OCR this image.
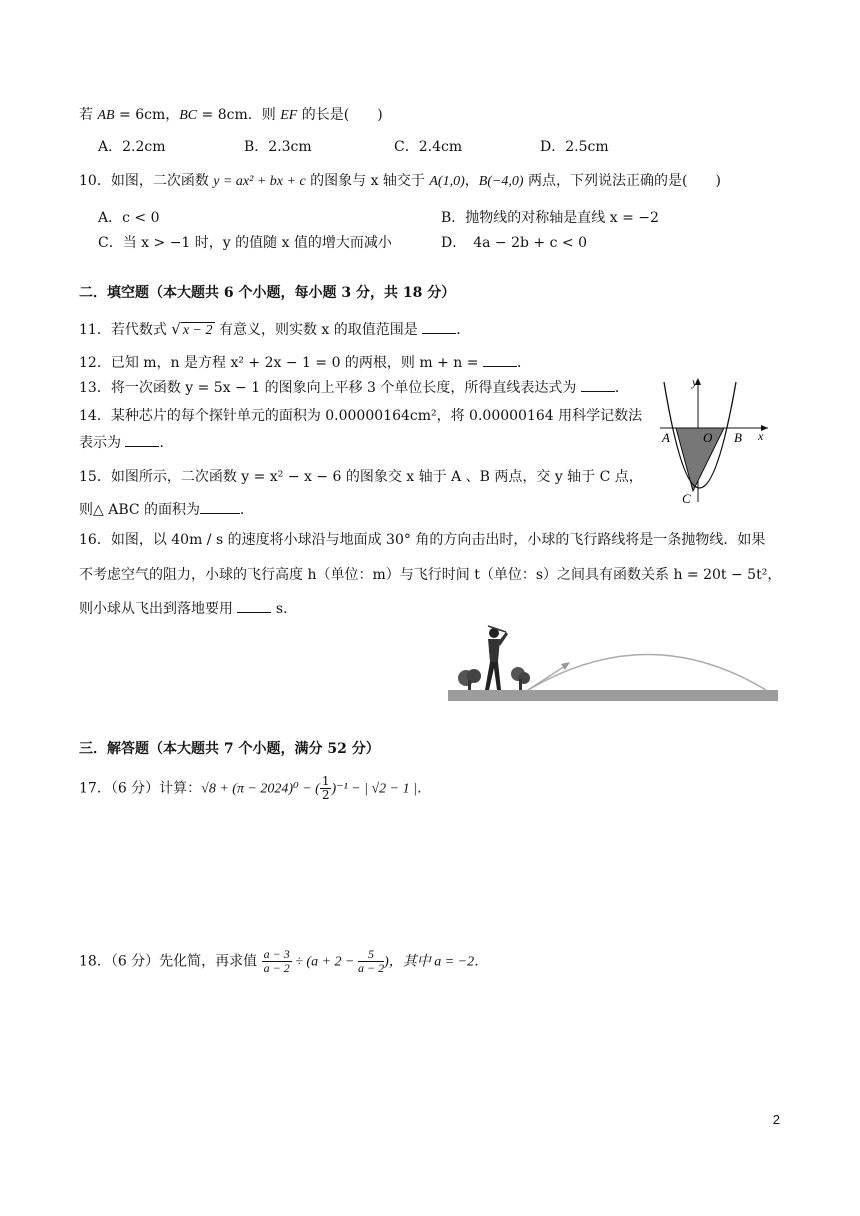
若 AB = 6cm，BC = 8cm．则 EF 的长是(　　)
A．2.2cm	B．2.3cm	C．2.4cm	D．2.5cm
10．如图，二次函数 y = ax² + bx + c 的图象与 x 轴交于 A(1,0)，B(−4,0) 两点，下列说法正确的是(　　)
A．c < 0	B．抛物线的对称轴是直线 x = −2
C．当 x > −1 时，y 的值随 x 值的增大而减小	D．　4a − 2b + c < 0
二．填空题（本大题共 6 个小题，每小题 3 分，共 18 分）
11．若代数式 √ x − 2 有意义，则实数 x 的取值范围是 ．
12．已知 m，n 是方程 x² + 2x − 1 = 0 的两根，则 m + n = ．
13．将一次函数 y = 5x − 1 的图象向上平移 3 个单位长度，所得直线表达式为 ．
14．某种芯片的每个探针单元的面积为 0.00000164cm²，将 0.00000164 用科学记数法
表示为 ．
15．如图所示，二次函数 y = x² − x − 6 的图象交 x 轴于 A 、B 两点，交 y 轴于 C 点，
则△ ABC 的面积为	．
y
x
A	O B
C
16．如图，以 40m / s 的速度将小球沿与地面成 30° 角的方向击出时，小球的飞行路线将是一条抛物线．如果
不考虑空气的阻力，小球的飞行高度 h（单位：m）与飞行时间 t（单位：s）之间具有函数关系 h = 20t − 5t²，
则小球从飞出到落地要用  s．
三．解答题（本大题共 7 个小题，满分 52 分）
17．（6 分）计算：√8 + (π − 2024)⁰ − ( $\frac{1}{2} )^{-1}$ − | √2 − 1 |．
18．（6 分）先化简，再求值 $\frac{a - 3}{a - 2} \div (a + 2 - \frac{5}{a - 2}$ )，其中 a = −2．
2
